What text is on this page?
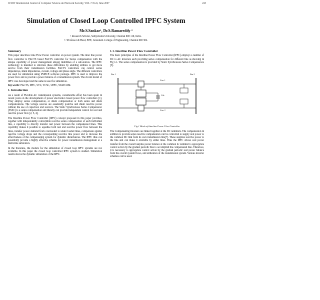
ICSIW International Journal of Computer Science and Network Security, VOL.7 No.6, June 2007	245
Simulation of Closed Loop Controlled IPFC System
Mr.S.Sankar¹, Dr.S.Ramareddy ²
¹ Research Scholar, Sathyabama University, Chennai 600 119, India.
² ² Professor & Head, EEE, Jerusalem College of Engineering, Chennai 600 302.
Summary

This paper describes Line Flow Power controller on power system. The inter line power flow controller is FACTS based FACTS controller for Series compensation with the unique capability of power management among multilines of a sub-station. The IPFC technology is intended to alleviate these difficulties by enabling utilities to get more service from their transmission facilities. FACTS controllers can control series impedances, shunt impedances, current, voltage and phase angle. The different controllers are used for simulation using PSPICE software package. IPFC is used to improve the power flow and to provide a power balance of a transmission system. The circuit model of IPFC was developed and the same is used for simulation.

Key words: FACTS, IPFC, SVC, TCSC, UPFC, STATCOM.

1. Introduction

As a result of Flexible AC transmission systems, considerable effort has been spent in recent years on the development of power electronics based power flow controllers [1]. They employ series compensation, or shunt compensation or both series and shunt compensations. The voltage sources are essentially positive and shunt reactive power without the use of capacitors and reactors. The Static Synchronous Series Compensator (SSSC) is a series compensation and thereby can provide independent control for real and reactive power flow [2, 3, 4].

The Interline Power Flow Controller (IPFC) concept proposed in this paper provides, together with independently controllable reactive series compensation of each individual line, a capability to directly transfer real power between the compensated lines. This capability makes it possible to equalize both real and reactive power flow between the lines, transfer power demand from overloaded to under loaded lines, compensate against reactive voltage drops and the corresponding reactive line power and to increase the effectiveness of the compensating system for dynamic disturbances. The IPFC thus can potentially provide a highly effective scheme for power transmission management at a multi-line substation.

In the literature, the models for the simulation of closed loop IPFC systems are not available. In this paper the closed loop controlled IPFC system is studied. Simulation results shows the dynamic simulation of the IPFC.

1.1. Interline Power Flow Controller

The basic principles of the Interline Power Flow Controller (IPFC) employs a number of DC to AC inverters each providing series compensation for different line as showing in Fig 1.1. The series compensation is provided by Static Synchronous Series Compensators [5].

Vdc
Bus 1
Line 1
Line 2
Bus 2
Fig 1 Block of Interline Power Flow Controller

The Compensating inverters are linked together at the DC terminals. The compensation in addition to provide series reactive compensation can be controlled to supply real power to the common DC link from its own transmission line[7]. These supplies reactive power to the line and can make it available by either lines. Thus the IPFC allows real power transfer from the overall surplus power balance at the common dc terminal to appropriate control action by the gradual periodic line to accomplish the compensated line. Therefore, it is necessary to appropriate control action by the gradual periodic real power balance from the overall system flows, and utilization of the transmission system. Various inverter schemes can be used.
